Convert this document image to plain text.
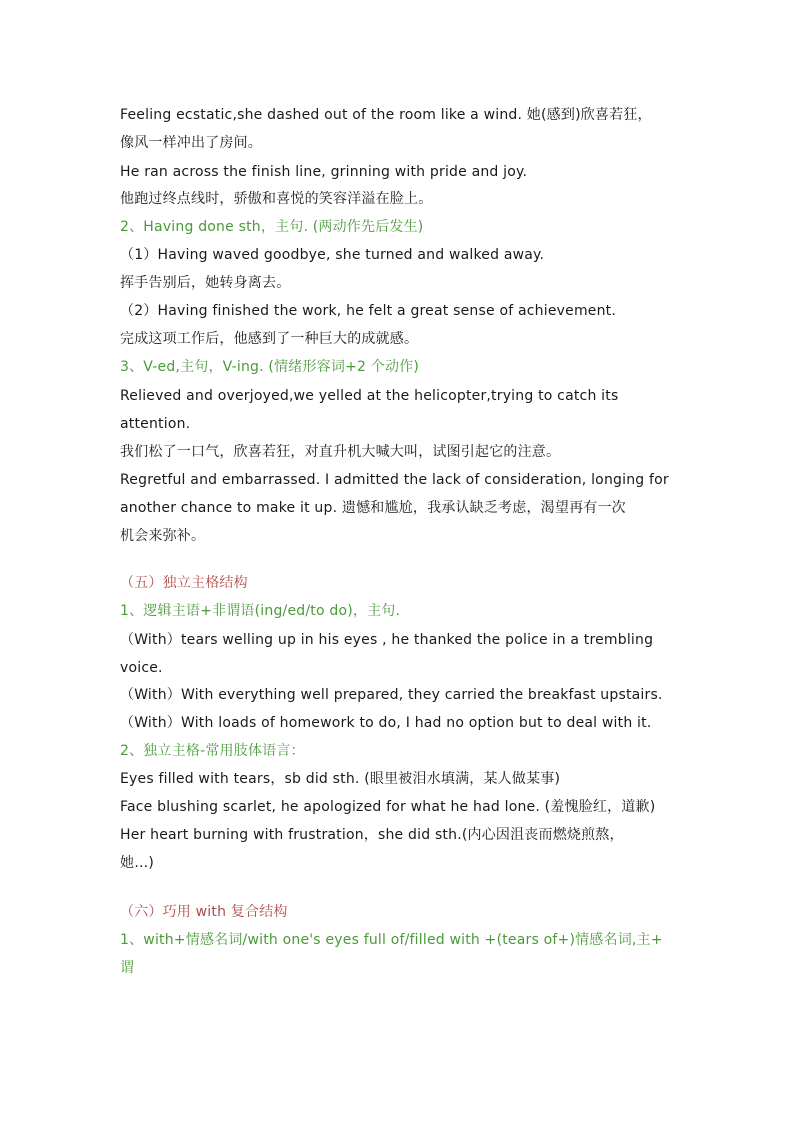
Feeling ecstatic,she dashed out of the room like a wind. 她(感到)欣喜若狂，
像风一样冲出了房间。
He ran across the finish line, grinning with pride and joy.
他跑过终点线时，骄傲和喜悦的笑容洋溢在脸上。
2、Having done sth，主句. (两动作先后发生)
（1）Having waved goodbye, she turned and walked away.
挥手告别后，她转身离去。
（2）Having finished the work, he felt a great sense of achievement.
完成这项工作后，他感到了一种巨大的成就感。
3、V-ed,主句，V-ing. (情绪形容词+2 个动作)
Relieved and overjoyed,we yelled at the helicopter,trying to catch its
attention.
我们松了一口气，欣喜若狂，对直升机大喊大叫，试图引起它的注意。
Regretful and embarrassed. I admitted the lack of consideration, longing for
another chance to make it up. 遗憾和尴尬，我承认缺乏考虑，渴望再有一次
机会来弥补。
（五）独立主格结构
1、逻辑主语+非谓语(ing/ed/to do)，主句.
（With）tears welling up in his eyes , he thanked the police in a trembling
voice.
（With）With everything well prepared, they carried the breakfast upstairs.
（With）With loads of homework to do, I had no option but to deal with it.
2、独立主格-常用肢体语言：
Eyes filled with tears，sb did sth. (眼里被泪水填满，某人做某事)
Face blushing scarlet, he apologized for what he had lone. (羞愧脸红，道歉)
Her heart burning with frustration，she did sth.(内心因沮丧而燃烧煎熬，
她…)
（六）巧用 with 复合结构
1、with+情感名词/with one's eyes full of/filled with +(tears of+)情感名词,主+
谓
